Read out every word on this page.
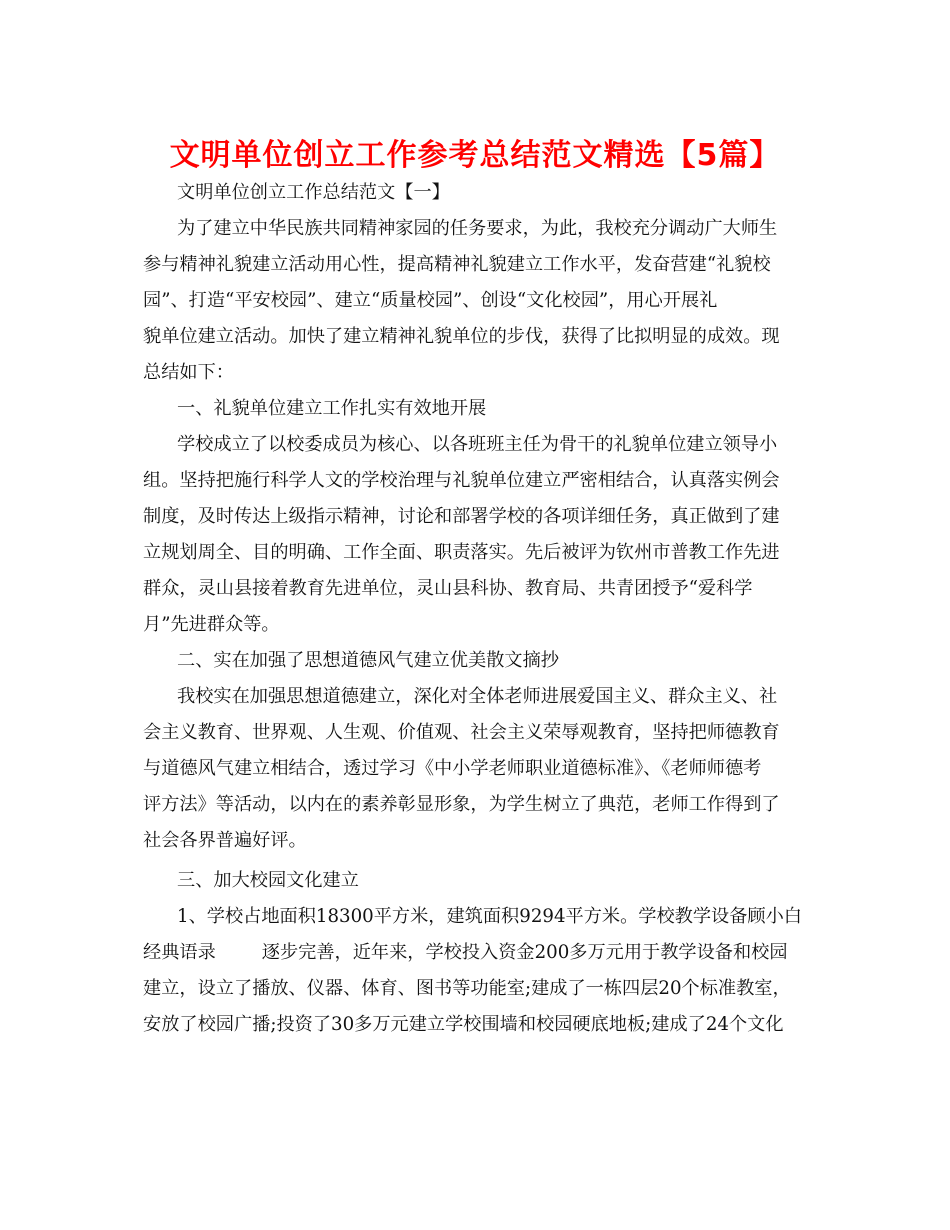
文明单位创立工作参考总结范文精选【5篇】
文明单位创立工作总结范文【一】
为了建立中华民族共同精神家园的任务要求，为此，我校充分调动广大师生
参与精神礼貌建立活动用心性，提高精神礼貌建立工作水平，发奋营建“礼貌校
园”、打造“平安校园”、建立“质量校园”、创设“文化校园”，用心开展礼
貌单位建立活动。加快了建立精神礼貌单位的步伐，获得了比拟明显的成效。现
总结如下：
一、礼貌单位建立工作扎实有效地开展
学校成立了以校委成员为核心、以各班班主任为骨干的礼貌单位建立领导小
组。坚持把施行科学人文的学校治理与礼貌单位建立严密相结合，认真落实例会
制度，及时传达上级指示精神，讨论和部署学校的各项详细任务，真正做到了建
立规划周全、目的明确、工作全面、职责落实。先后被评为钦州市普教工作先进
群众，灵山县接着教育先进单位，灵山县科协、教育局、共青团授予“爱科学
月”先进群众等。
二、实在加强了思想道德风气建立优美散文摘抄
我校实在加强思想道德建立，深化对全体老师进展爱国主义、群众主义、社
会主义教育、世界观、人生观、价值观、社会主义荣辱观教育，坚持把师德教育
与道德风气建立相结合，透过学习《中小学老师职业道德标准》、《老师师德考
评方法》等活动，以内在的素养彰显形象，为学生树立了典范，老师工作得到了
社会各界普遍好评。
三、加大校园文化建立
1、学校占地面积18300平方米，建筑面积9294平方米。学校教学设备顾小白
经典语录	逐步完善，近年来，学校投入资金200多万元用于教学设备和校园
建立，设立了播放、仪器、体育、图书等功能室;建成了一栋四层20个标准教室，
安放了校园广播;投资了30多万元建立学校围墙和校园硬底地板;建成了24个文化
